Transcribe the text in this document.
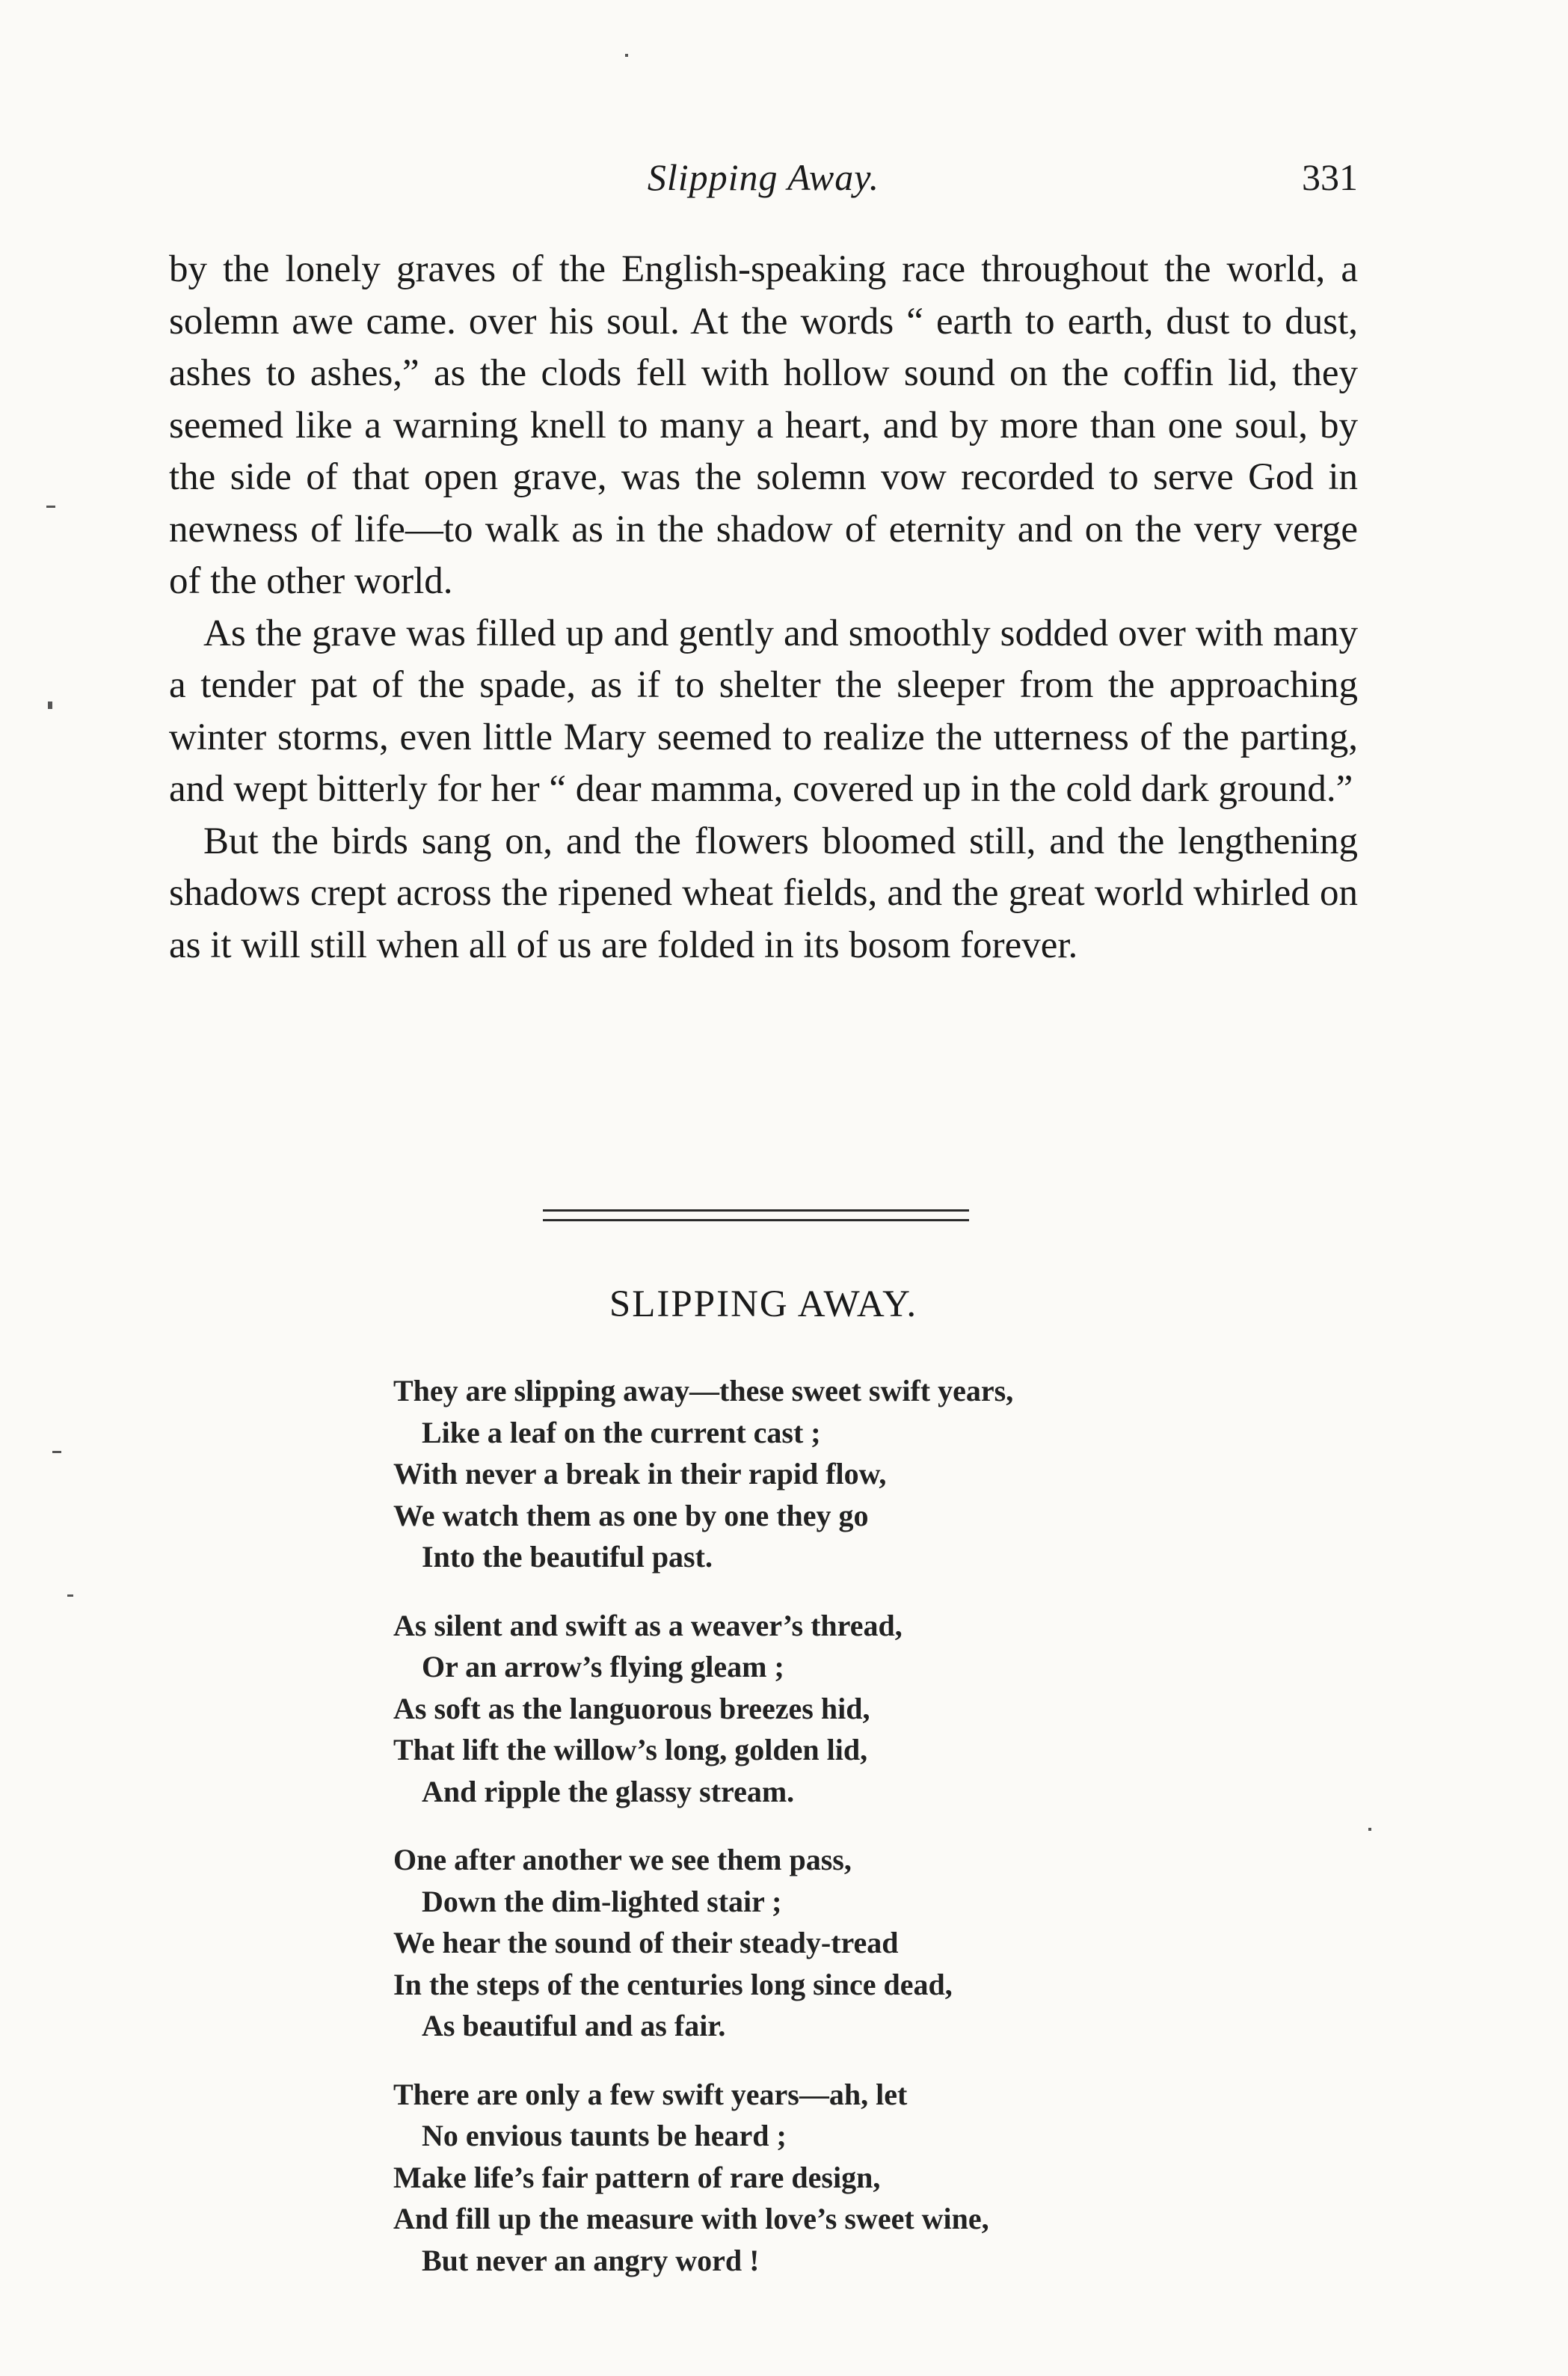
Slipping Away.	331

by the lonely graves of the English-speaking race throughout the world, a solemn awe came. over his soul. At the words “ earth to earth, dust to dust, ashes to ashes,” as the clods fell with hollow sound on the coffin lid, they seemed like a warning knell to many a heart, and by more than one soul, by the side of that open grave, was the solemn vow recorded to serve God in newness of life—to walk as in the shadow of eternity and on the very verge of the other world.

As the grave was filled up and gently and smoothly sodded over with many a tender pat of the spade, as if to shelter the sleeper from the approaching winter storms, even little Mary seemed to realize the utterness of the parting, and wept bitterly for her “ dear mamma, covered up in the cold dark ground.”

But the birds sang on, and the flowers bloomed still, and the lengthening shadows crept across the ripened wheat fields, and the great world whirled on as it will still when all of us are folded in its bosom forever.

SLIPPING AWAY.
They are slipping away—these sweet swift years,
Like a leaf on the current cast ;
With never a break in their rapid flow,
We watch them as one by one they go
Into the beautiful past.
As silent and swift as a weaver’s thread,
Or an arrow’s flying gleam ;
As soft as the languorous breezes hid,
That lift the willow’s long, golden lid,
And ripple the glassy stream.
One after another we see them pass,
Down the dim-lighted stair ;
We hear the sound of their steady-tread
In the steps of the centuries long since dead,
As beautiful and as fair.
There are only a few swift years—ah, let
No envious taunts be heard ;
Make life’s fair pattern of rare design,
And fill up the measure with love’s sweet wine,
But never an angry word !
